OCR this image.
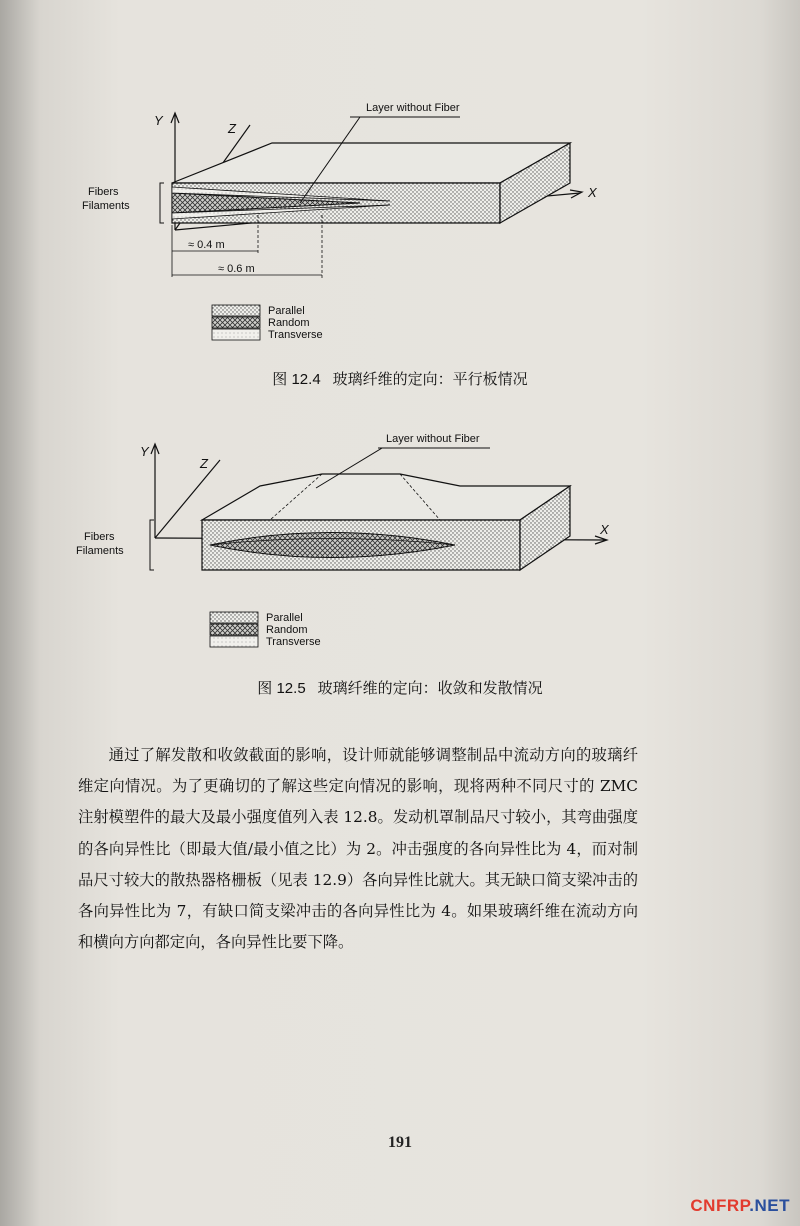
Y
Z
X
Layer without Fiber
Fibers
Filaments
≈ 0.4 m
≈ 0.6 m
Parallel
Random
Transverse
图 12.4 玻璃纤维的定向：平行板情况
Y
Z
X
Layer without Fiber
Fibers
Filaments
Parallel
Random
Transverse
图 12.5 玻璃纤维的定向：收敛和发散情况

通过了解发散和收敛截面的影响，设计师就能够调整制品中流动方向的玻璃纤维定向情况。为了更确切的了解这些定向情况的影响，现将两种不同尺寸的 ZMC 注射模塑件的最大及最小强度值列入表 12.8。发动机罩制品尺寸较小，其弯曲强度的各向异性比（即最大值/最小值之比）为 2。冲击强度的各向异性比为 4，而对制品尺寸较大的散热器格栅板（见表 12.9）各向异性比就大。其无缺口简支梁冲击的各向异性比为 7，有缺口简支梁冲击的各向异性比为 4。如果玻璃纤维在流动方向和横向方向都定向，各向异性比要下降。

191
CNFRP.NET
